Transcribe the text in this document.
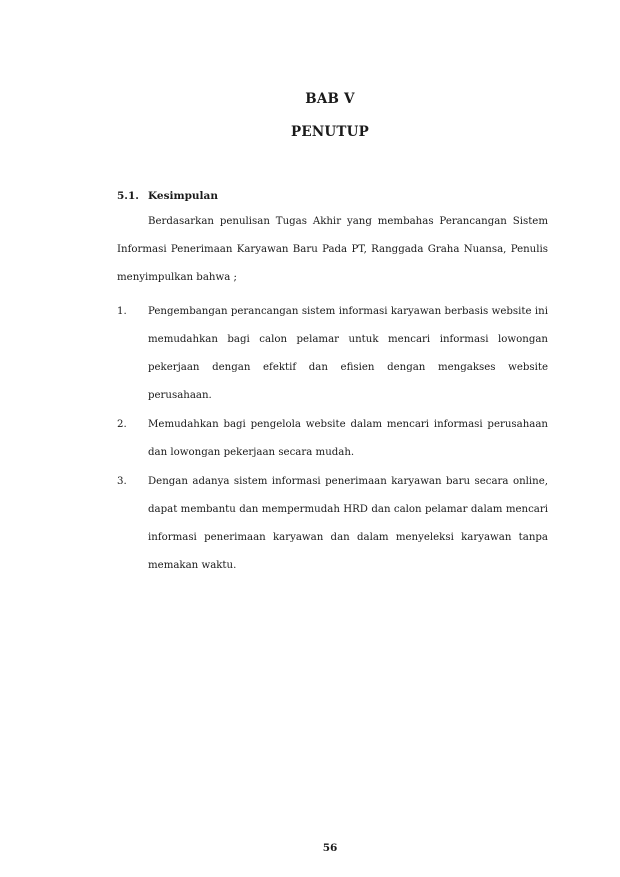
BAB V
PENUTUP
5.1. Kesimpulan

Berdasarkan penulisan Tugas Akhir yang membahas Perancangan Sistem Informasi Penerimaan Karyawan Baru Pada PT, Ranggada Graha Nuansa, Penulis menyimpulkan bahwa ;

1. Pengembangan perancangan sistem informasi karyawan berbasis website ini memudahkan bagi calon pelamar untuk mencari informasi lowongan pekerjaan dengan efektif dan efisien dengan mengakses website perusahaan.
2. Memudahkan bagi pengelola website dalam mencari informasi perusahaan dan lowongan pekerjaan secara mudah.
3. Dengan adanya sistem informasi penerimaan karyawan baru secara online, dapat membantu dan mempermudah HRD dan calon pelamar dalam mencari informasi penerimaan karyawan dan dalam menyeleksi karyawan tanpa memakan waktu.
56
